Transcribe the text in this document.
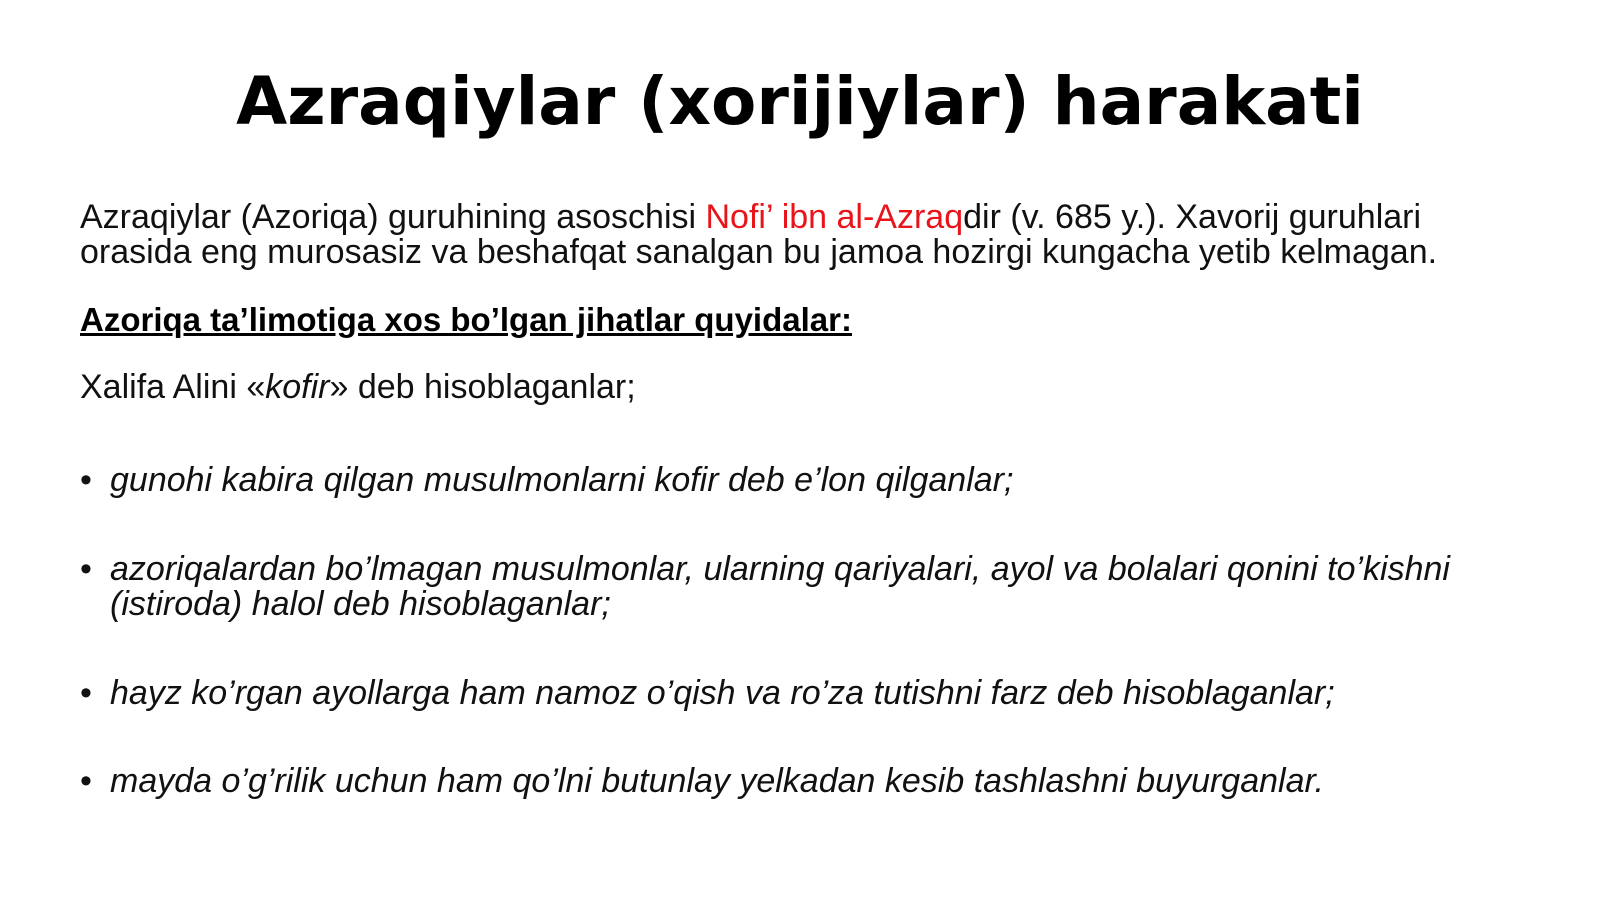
Azraqiylar (xorijiylar) harakati
Azraqiylar (Azoriqa) guruhining asoschisi Nofi’ ibn al-Azraqdir (v. 685 y.). Xavorij guruhlari orasida eng murosasiz va beshafqat sanalgan bu jamoa hozirgi kungacha yetib kelmagan.
Azoriqa ta’limotiga xos bo’lgan jihatlar quyidalar:
Xalifa Alini «kofir» deb hisoblaganlar;
• gunohi kabira qilgan musulmonlarni kofir deb e’lon qilganlar;
• azoriqalardan bo’lmagan musulmonlar, ularning qariyalari, ayol va bolalari qonini to’kishni (istiroda) halol deb hisoblaganlar;
• hayz ko’rgan ayollarga ham namoz o’qish va ro’za tutishni farz deb hisoblaganlar;
• mayda o’g’rilik uchun ham qo’lni butunlay yelkadan kesib tashlashni buyurganlar.
